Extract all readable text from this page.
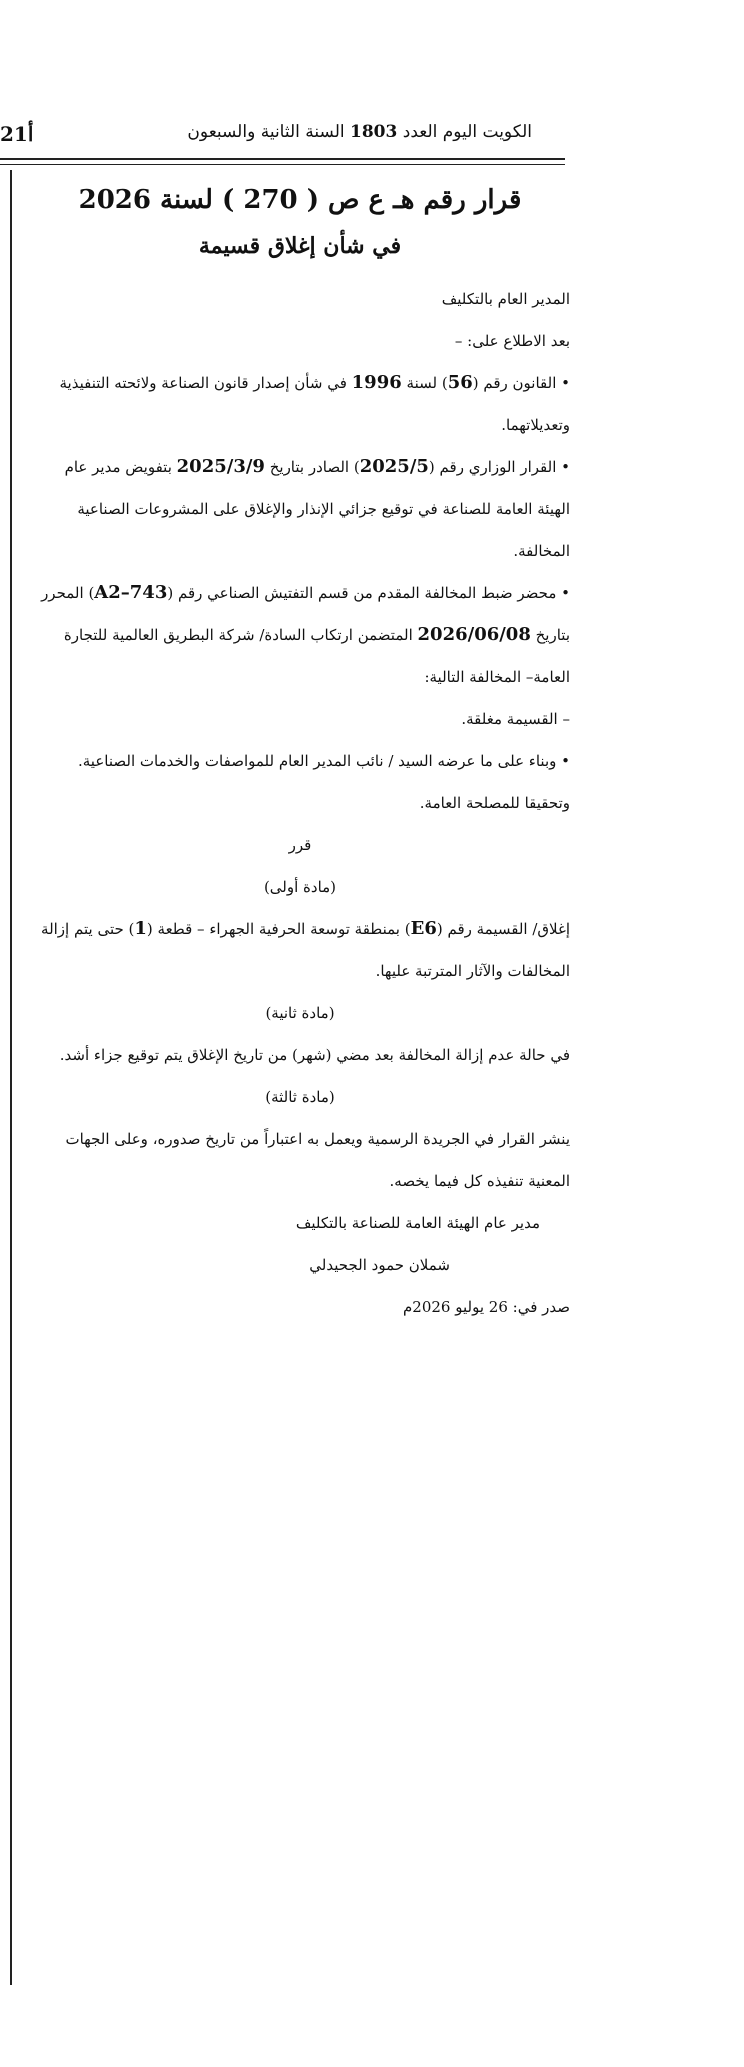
21أ	الكويت اليوم العدد 1803 السنة الثانية والسبعون
قرار رقم هـ ع ص ( 270 ) لسنة 2026
في شأن إغلاق قسيمة

المدير العام بالتكليف

بعد الاطلاع على: –

• القانون رقم (56) لسنة 1996 في شأن إصدار قانون الصناعة ولائحته التنفيذية وتعديلاتهما.

• القرار الوزاري رقم (2025/5) الصادر بتاريخ 2025/3/9 بتفويض مدير عام الهيئة العامة للصناعة في توقيع جزائي الإنذار والإغلاق على المشروعات الصناعية المخالفة.

• محضر ضبط المخالفة المقدم من قسم التفتيش الصناعي رقم (A2–743) المحرر بتاريخ 2026/06/08 المتضمن ارتكاب السادة/ شركة البطريق العالمية للتجارة العامة– المخالفة التالية:

– القسيمة مغلقة.

• وبناء على ما عرضه السيد / نائب المدير العام للمواصفات والخدمات الصناعية.

وتحقيقا للمصلحة العامة.

قرر

(مادة أولى)

إغلاق/ القسيمة رقم (E6) بمنطقة توسعة الحرفية الجهراء – قطعة (1) حتى يتم إزالة المخالفات والآثار المترتبة عليها.

(مادة ثانية)

في حالة عدم إزالة المخالفة بعد مضي (شهر) من تاريخ الإغلاق يتم توقيع جزاء أشد.

(مادة ثالثة)

ينشر القرار في الجريدة الرسمية ويعمل به اعتباراً من تاريخ صدوره، وعلى الجهات المعنية تنفيذه كل فيما يخصه.

مدير عام الهيئة العامة للصناعة بالتكليف

شملان حمود الجحيدلي

صدر في: 26 يوليو 2026م
